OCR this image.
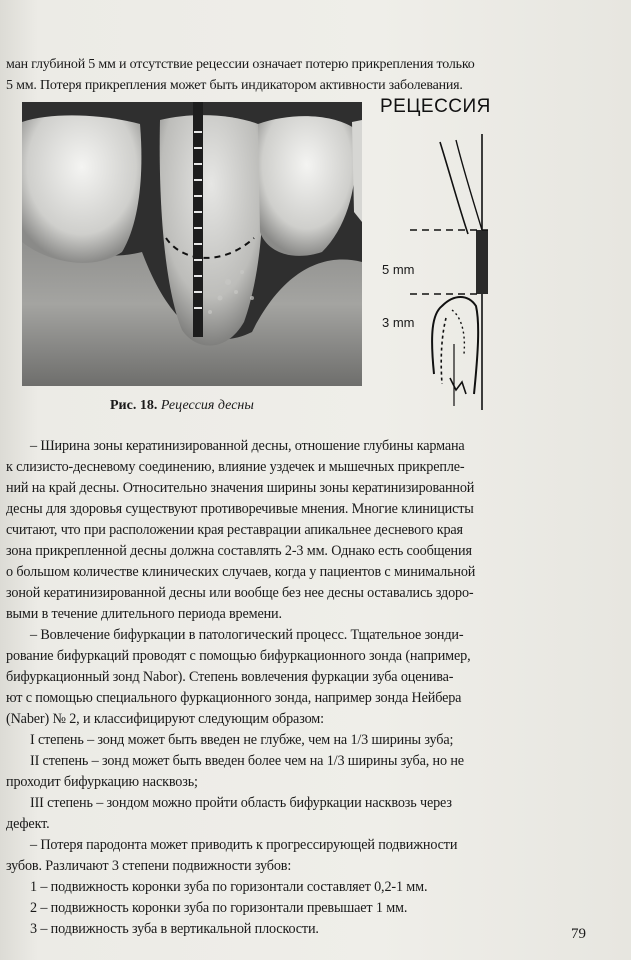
ман глубиной 5 мм и отсутствие рецессии означает потерю прикрепления только
5 мм. Потеря прикрепления может быть индикатором активности заболевания.
РЕЦЕССИЯ
5 mm
3 mm
Рис. 18. Рецессия десны
– Ширина зоны кератинизированной десны, отношение глубины кармана
к слизисто-десневому соединению, влияние уздечек и мышечных прикрепле-
ний на край десны. Относительно значения ширины зоны кератинизированной
десны для здоровья существуют противоречивые мнения. Многие клиницисты
считают, что при расположении края реставрации апикальнее десневого края
зона прикрепленной десны должна составлять 2-3 мм. Однако есть сообщения
о большом количестве клинических случаев, когда у пациентов с минимальной
зоной кератинизированной десны или вообще без нее десны оставались здоро-
выми в течение длительного периода времени.
– Вовлечение бифуркации в патологический процесс. Тщательное зонди-
рование бифуркаций проводят с помощью бифуркационного зонда (например,
бифуркационный зонд Nabor). Степень вовлечения фуркации зуба оценива-
ют с помощью специального фуркационного зонда, например зонда Нейбера
(Naber) № 2, и классифицируют следующим образом:
I степень – зонд может быть введен не глубже, чем на 1/3 ширины зуба;
II степень – зонд может быть введен более чем на 1/3 ширины зуба, но не
проходит бифуркацию насквозь;
III степень – зондом можно пройти область бифуркации насквозь через
дефект.
– Потеря пародонта может приводить к прогрессирующей подвижности
зубов. Различают 3 степени подвижности зубов:
1 – подвижность коронки зуба по горизонтали составляет 0,2-1 мм.
2 – подвижность коронки зуба по горизонтали превышает 1 мм.
3 – подвижность зуба в вертикальной плоскости.	79
